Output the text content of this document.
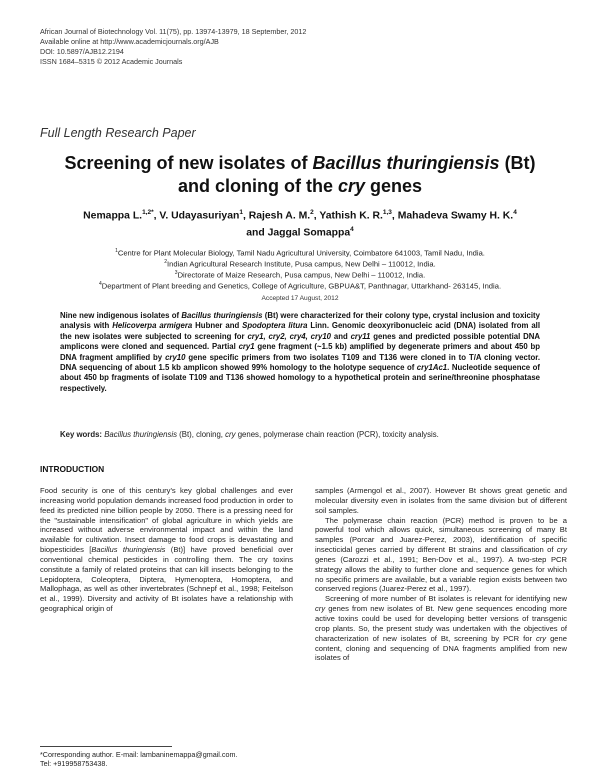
African Journal of Biotechnology Vol. 11(75), pp. 13974-13979, 18 September, 2012
Available online at http://www.academicjournals.org/AJB
DOI: 10.5897/AJB12.2194
ISSN 1684–5315 © 2012 Academic Journals
Full Length Research Paper
Screening of new isolates of Bacillus thuringiensis (Bt)
and cloning of the cry genes
Nemappa L.$^{1,2*}$, V. Udayasuriyan$^1$, Rajesh A. M.$^2$, Yathish K. R.$^{1,3}$, Mahadeva Swamy H. K.$^4$
and Jaggal Somappa$^4$
$^1$Centre for Plant Molecular Biology, Tamil Nadu Agricultural University, Coimbatore 641003, Tamil Nadu, India.
$^2$Indian Agricultural Research Institute, Pusa campus, New Delhi – 110012, India.
$^3$Directorate of Maize Research, Pusa campus, New Delhi – 110012, India.
$^4$Department of Plant breeding and Genetics, College of Agriculture, GBPUA&T, Panthnagar, Uttarkhand- 263145, India.
Accepted 17 August, 2012
Nine new indigenous isolates of Bacillus thuringiensis (Bt) were characterized for their colony type, crystal inclusion and toxicity analysis with Helicoverpa armigera Hubner and Spodoptera litura Linn. Genomic deoxyribonucleic acid (DNA) isolated from all the new isolates were subjected to screening for cry1, cry2, cry4, cry10 and cry11 genes and predicted possible potential DNA amplicons were cloned and sequenced. Partial cry1 gene fragment (~1.5 kb) amplified by degenerate primers and about 450 bp DNA fragment amplified by cry10 gene specific primers from two isolates T109 and T136 were cloned in to T/A cloning vector. DNA sequencing of about 1.5 kb amplicon showed 99% homology to the holotype sequence of cry1Ac1. Nucleotide sequence of about 450 bp fragments of isolate T109 and T136 showed homology to a hypothetical protein and serine/threonine phosphatase respectively.
Key words: Bacillus thuringiensis (Bt), cloning, cry genes, polymerase chain reaction (PCR), toxicity analysis.
INTRODUCTION
Food security is one of this century's key global challenges and ever increasing world population demands increased food production in order to feed its predicted nine billion people by 2050. There is a pressing need for the "sustainable intensification" of global agriculture in which yields are increased without adverse environmental impact and within the land available for cultivation. Insect damage to food crops is devastating and biopesticides [Bacillus thuringiensis (Bt)] have proved beneficial over conventional chemical pesticides in controlling them. The cry toxins constitute a family of related proteins that can kill insects belonging to the Lepidoptera, Coleoptera, Diptera, Hymenoptera, Homoptera, and Mallophaga, as well as other invertebrates (Schnepf et al., 1998; Feitelson et al., 1999). Diversity and activity of Bt isolates have a relationship with geographical origin of

samples (Armengol et al., 2007). However Bt shows great genetic and molecular diversity even in isolates from the same division but of different soil samples.

The polymerase chain reaction (PCR) method is proven to be a powerful tool which allows quick, simultaneous screening of many Bt samples (Porcar and Juarez-Perez, 2003), identification of specific insecticidal genes carried by different Bt strains and classification of cry genes (Carozzi et al., 1991; Ben-Dov et al., 1997). A two-step PCR strategy allows the ability to further clone and sequence genes for which no specific primers are available, but a variable region exists between two conserved regions (Juarez-Perez et al., 1997).

Screening of more number of Bt isolates is relevant for identifying new cry genes from new isolates of Bt. New gene sequences encoding more active toxins could be used for developing better versions of transgenic crop plants. So, the present study was undertaken with the objectives of characterization of new isolates of Bt, screening by PCR for cry gene content, cloning and sequencing of DNA fragments amplified from new isolates of

*Corresponding author. E-mail: lambaninemappa@gmail.com.
Tel: +919958753438.
